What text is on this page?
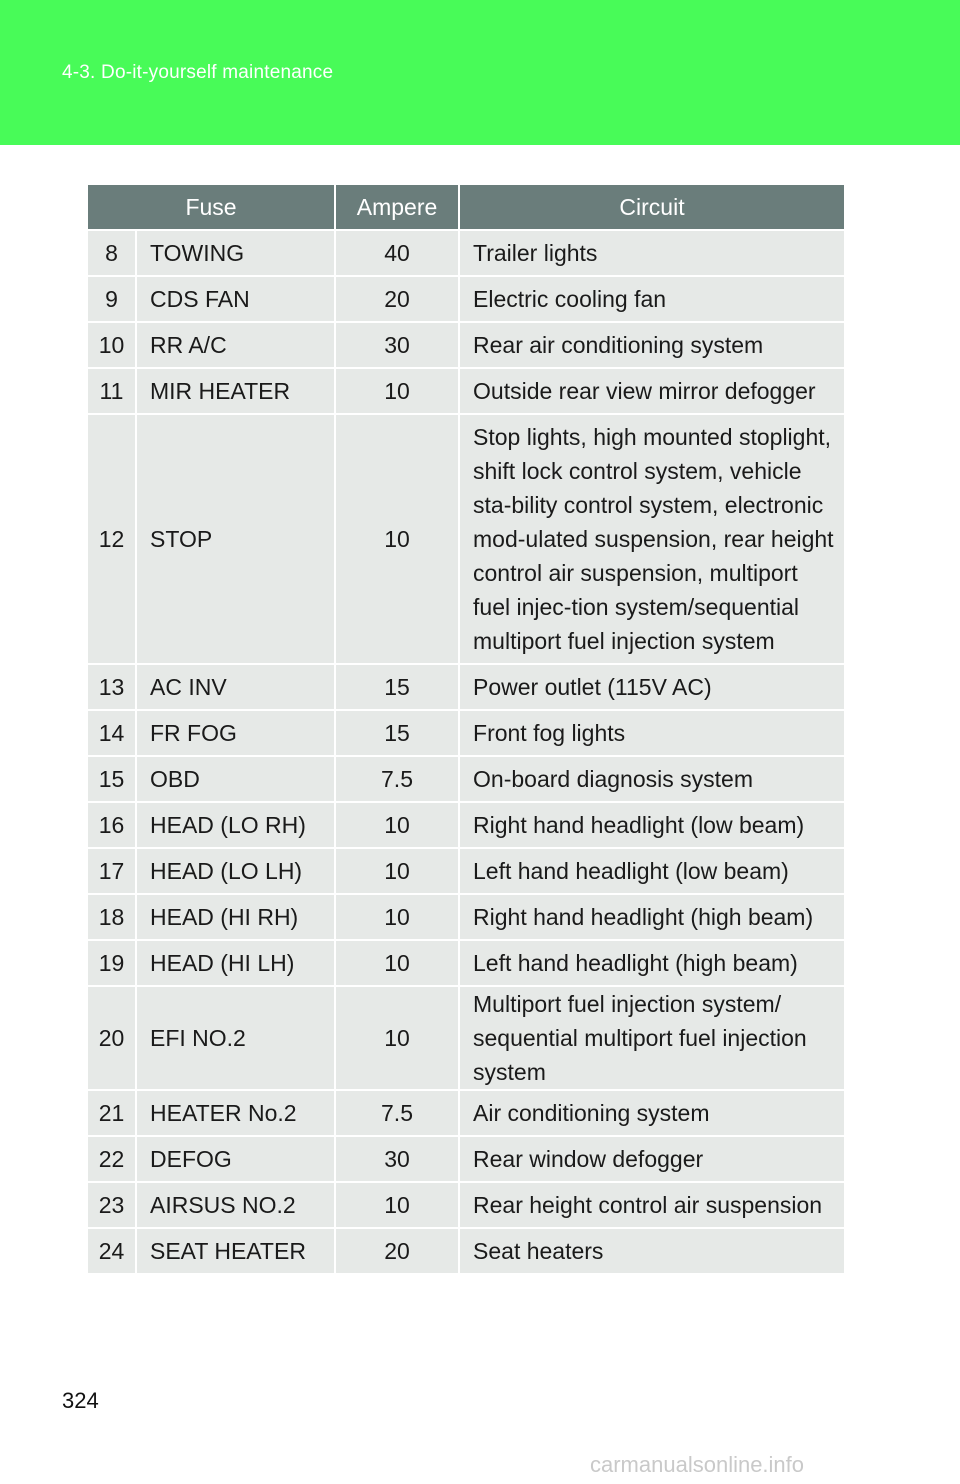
4-3. Do-it-yourself maintenance
Fuse		Ampere	Circuit
8	TOWING	40	Trailer lights
9	CDS FAN	20	Electric cooling fan
10	RR A/C	30	Rear air conditioning system
11	MIR HEATER	10	Outside rear view mirror defogger
12	STOP	10	Stop lights, high mounted stoplight, shift lock control system, vehicle sta-bility control system, electronic mod-ulated suspension, rear height control air suspension, multiport fuel injec-tion system/sequential multiport fuel injection system
13	AC INV	15	Power outlet (115V AC)
14	FR FOG	15	Front fog lights
15	OBD	7.5	On-board diagnosis system
16	HEAD (LO RH)	10	Right hand headlight (low beam)
17	HEAD (LO LH)	10	Left hand headlight (low beam)
18	HEAD (HI RH)	10	Right hand headlight (high beam)
19	HEAD (HI LH)	10	Left hand headlight (high beam)
20	EFI NO.2	10	Multiport fuel injection system/ sequential multiport fuel injection system
21	HEATER No.2	7.5	Air conditioning system
22	DEFOG	30	Rear window defogger
23	AIRSUS NO.2	10	Rear height control air suspension
24	SEAT HEATER	20	Seat heaters
324
carmanualsonline.info
